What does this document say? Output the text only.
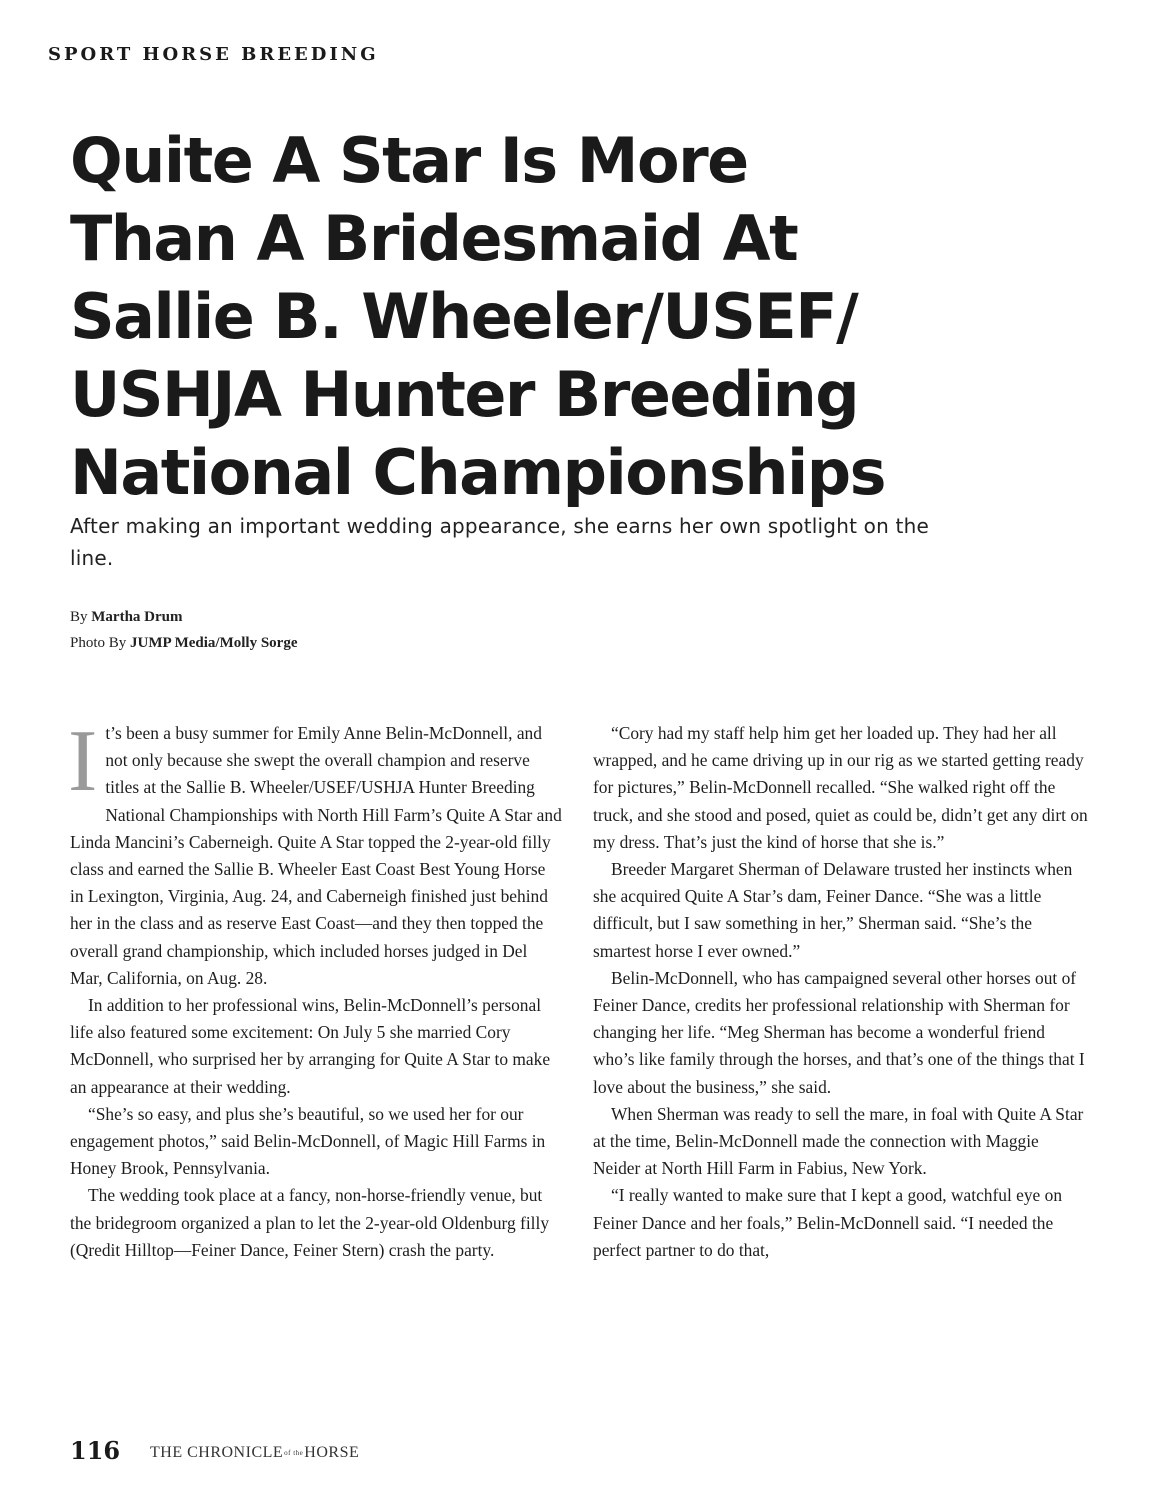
SPORT HORSE BREEDING
Quite A Star Is More
Than A Bridesmaid At
Sallie B. Wheeler/USEF/
USHJA Hunter Breeding
National Championships
After making an important wedding appearance, she earns her own spotlight on the line.
By Martha Drum
Photo By JUMP Media/Molly Sorge

It’s been a busy summer for Emily Anne Belin-McDonnell, and not only because she swept the overall champion and reserve titles at the Sallie B. Wheeler/USEF/USHJA Hunter Breeding National Championships with North Hill Farm’s Quite A Star and Linda Mancini’s Caberneigh. Quite A Star topped the 2-year-old filly class and earned the Sallie B. Wheeler East Coast Best Young Horse in Lexington, Virginia, Aug. 24, and Caberneigh finished just behind her in the class and as reserve East Coast—and they then topped the overall grand championship, which included horses judged in Del Mar, California, on Aug. 28.

In addition to her professional wins, Belin-McDonnell’s personal life also featured some excitement: On July 5 she married Cory McDonnell, who surprised her by arranging for Quite A Star to make an appearance at their wedding.

“She’s so easy, and plus she’s beautiful, so we used her for our engagement photos,” said Belin-McDonnell, of Magic Hill Farms in Honey Brook, Pennsylvania.

The wedding took place at a fancy, non-horse-friendly venue, but the bridegroom organized a plan to let the 2-year-old Oldenburg filly (Qredit Hilltop—Feiner Dance, Feiner Stern) crash the party.

“Cory had my staff help him get her loaded up. They had her all wrapped, and he came driving up in our rig as we started getting ready for pictures,” Belin-McDonnell recalled. “She walked right off the truck, and she stood and posed, quiet as could be, didn’t get any dirt on my dress. That’s just the kind of horse that she is.”

Breeder Margaret Sherman of Delaware trusted her instincts when she acquired Quite A Star’s dam, Feiner Dance. “She was a little difficult, but I saw something in her,” Sherman said. “She’s the smartest horse I ever owned.”

Belin-McDonnell, who has campaigned several other horses out of Feiner Dance, credits her professional relationship with Sherman for changing her life. “Meg Sherman has become a wonderful friend who’s like family through the horses, and that’s one of the things that I love about the business,” she said.

When Sherman was ready to sell the mare, in foal with Quite A Star at the time, Belin-McDonnell made the connection with Maggie Neider at North Hill Farm in Fabius, New York.

“I really wanted to make sure that I kept a good, watchful eye on Feiner Dance and her foals,” Belin-McDonnell said. “I needed the perfect partner to do that,

116 THE CHRONICLEof theHORSE
